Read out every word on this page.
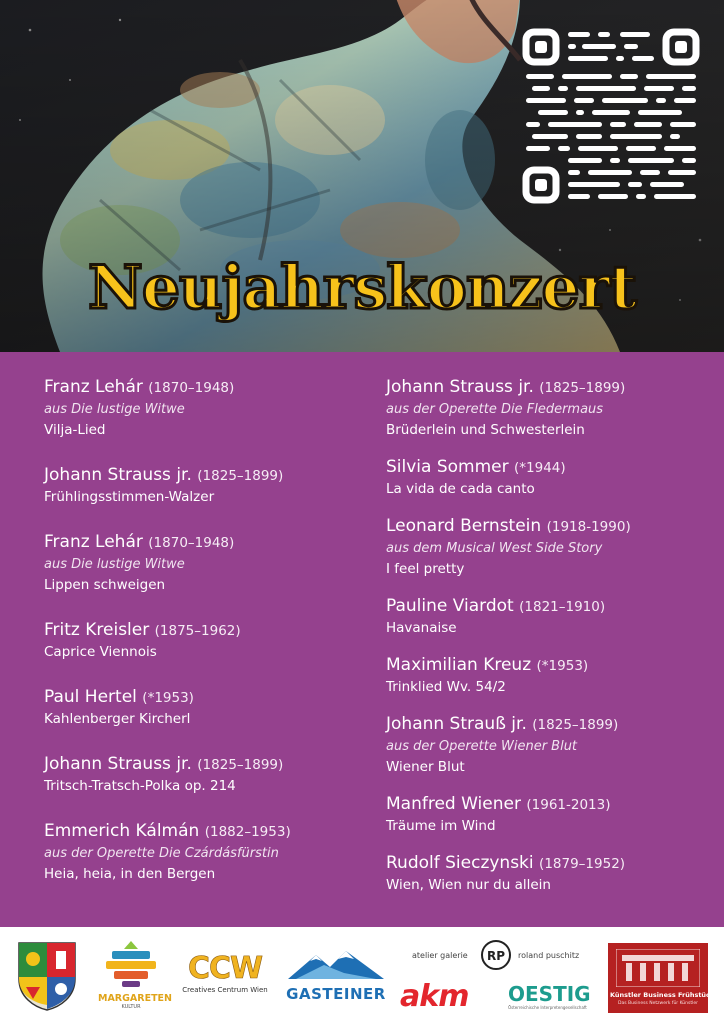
Neujahrskonzert
Franz Lehár (1870–1948)
aus Die lustige Witwe
Vilja-Lied
Johann Strauss jr. (1825–1899)
Frühlingsstimmen-Walzer
Franz Lehár (1870–1948)
aus Die lustige Witwe
Lippen schweigen
Fritz Kreisler (1875–1962)
Caprice Viennois
Paul Hertel (*1953)
Kahlenberger Kircherl
Johann Strauss jr. (1825–1899)
Tritsch-Tratsch-Polka op. 214
Emmerich Kálmán (1882–1953)
aus der Operette Die Czárdásfürstin
Heia, heia, in den Bergen
Johann Strauss jr. (1825–1899)
aus der Operette Die Fledermaus
Brüderlein und Schwesterlein
Silvia Sommer (*1944)
La vida de cada canto
Leonard Bernstein (1918-1990)
aus dem Musical West Side Story
I feel pretty
Pauline Viardot (1821–1910)
Havanaise
Maximilian Kreuz (*1953)
Trinklied Wv. 54/2
Johann Strauß jr. (1825–1899)
aus der Operette Wiener Blut
Wiener Blut
Manfred Wiener (1961-2013)
Träume im Wind
Rudolf Sieczynski (1879–1952)
Wien, Wien nur du allein
MARGARETEN
KULTUR
CCW
Creatives Centrum Wien GASTEINER
atelier galerie RP roland puschitz
akm	OESTIG
Österreichische Interpretengesellschaft
Künstler Business Frühstück
Das Business Netzwerk für Künstler
